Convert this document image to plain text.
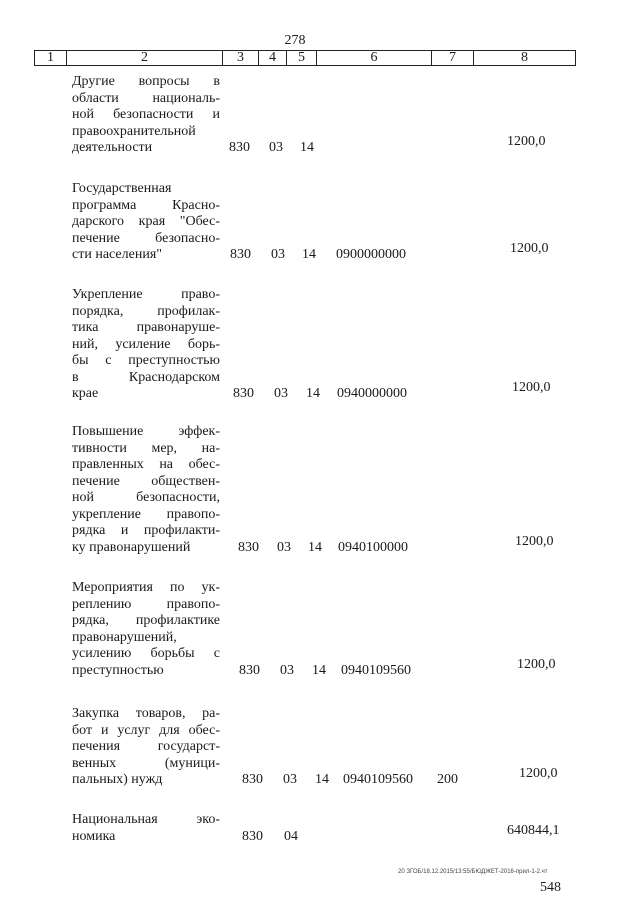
278
1	2	3	4	5	6	7	8
Другие вопросы в
области националь-
ной безопасности и
правоохранительной
деятельности	830 03 14	1200,0
Государственная
программа Красно-
дарского края "Обес-
печение безопасно-
сти населения"	830 03 14 0900000000	1200,0
Укрепление право-
порядка, профилак-
тика правонаруше-
ний, усиление борь-
бы с преступностью
в Краснодарском
крае	830 03 14 0940000000	1200,0
Повышение эффек-
тивности мер, на-
правленных на обес-
печение обществен-
ной безопасности,
укрепление правопо-
рядка и профилакти-
ку правонарушений	830 03 14 0940100000	1200,0
Мероприятия по ук-
реплению правопо-
рядка, профилактике
правонарушений,
усилению борьбы с
преступностью	830 03 14 0940109560	1200,0
Закупка товаров, ра-
бот и услуг для обес-
печения государст-
венных (муници-
пальных) нужд	830 03 14 0940109560 200	1200,0
Национальная эко-
номика	830 04	640844,1
20 ЗГОБ/18.12.2015/13:55/БЮДЖЕТ-2016-прил-1-2.чт
548
